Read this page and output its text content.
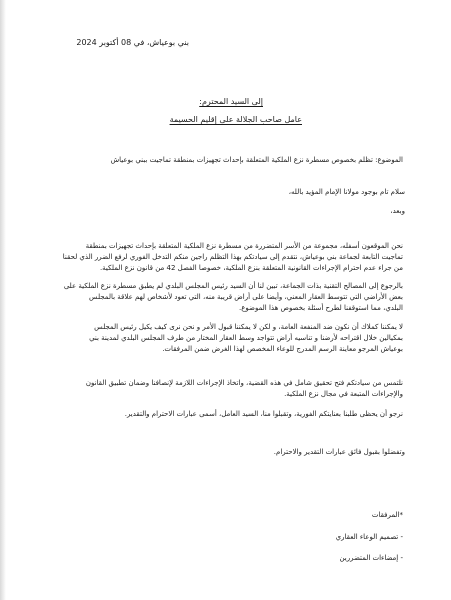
بني بوعياش، في 08 أكتوبر 2024
إلى السيد المحترم:
عامل صاحب الجلالة على إقليم الحسيمة
الموضوع: تظلم بخصوص مسطرة نزع الملكية المتعلقة بإحداث تجهيزات بمنطقة تماجيت ببني بوعياش
سلام تام بوجود مولانا الإمام المؤيد بالله،
وبعد،
نحن الموقعون أسفله، مجموعة من الأسر المتضررة من مسطرة نزع الملكية المتعلقة بإحداث تجهيزات بمنطقة
تماجيت التابعة لجماعة بني بوعياش، نتقدم إلى سيادتكم بهذا التظلم راجين منكم التدخل الفوري لرفع الضرر الذي لحقنا
من جراء عدم احترام الإجراءات القانونية المتعلقة بنزع الملكية، خصوصا الفصل 42 من قانون نزع الملكية.
بالرجوع إلى المصالح التقنية بذات الجماعة، تبين لنا أن السيد رئيس المجلس البلدي لم يطبق مسطرة نزع الملكية على
بعض الأراضي التي تتوسط العقار المعني، وأيضا على أراض قريبة منه، التي تعود لأشخاص لهم علاقة بالمجلس
البلدي، مما استوقفنا لطرح أسئلة بخصوص هذا الموضوع.
لا يمكننا كملاك أن نكون ضد المنفعة العامة، و لكن لا يمكننا قبول الأمر و نحن نرى كيف يكيل رئيس المجلس
بمكيالين خلال اقتراحه لأرضنا و تناسيه أراض تتواجد وسط العقار المختار من طرف المجلس البلدي لمدينة بني
بوعياش المرجو معاينة الرسم المدرج للوعاء المخصص لهذا الغرض ضمن المرفقات.
نلتمس من سيادتكم فتح تحقيق شامل في هذه القضية، واتخاذ الإجراءات اللازمة لإنصافنا وضمان تطبيق القانون
والإجراءات المتبعة في مجال نزع الملكية.
نرجو أن يحظى طلبنا بعنايتكم الفورية، وتقبلوا منا، السيد العامل، أسمى عبارات الاحترام والتقدير.
وتفضلوا بقبول فائق عبارات التقدير والاحترام.
*المرفقات
- تصميم الوعاء العقاري
- إمضاءات المتضررين
